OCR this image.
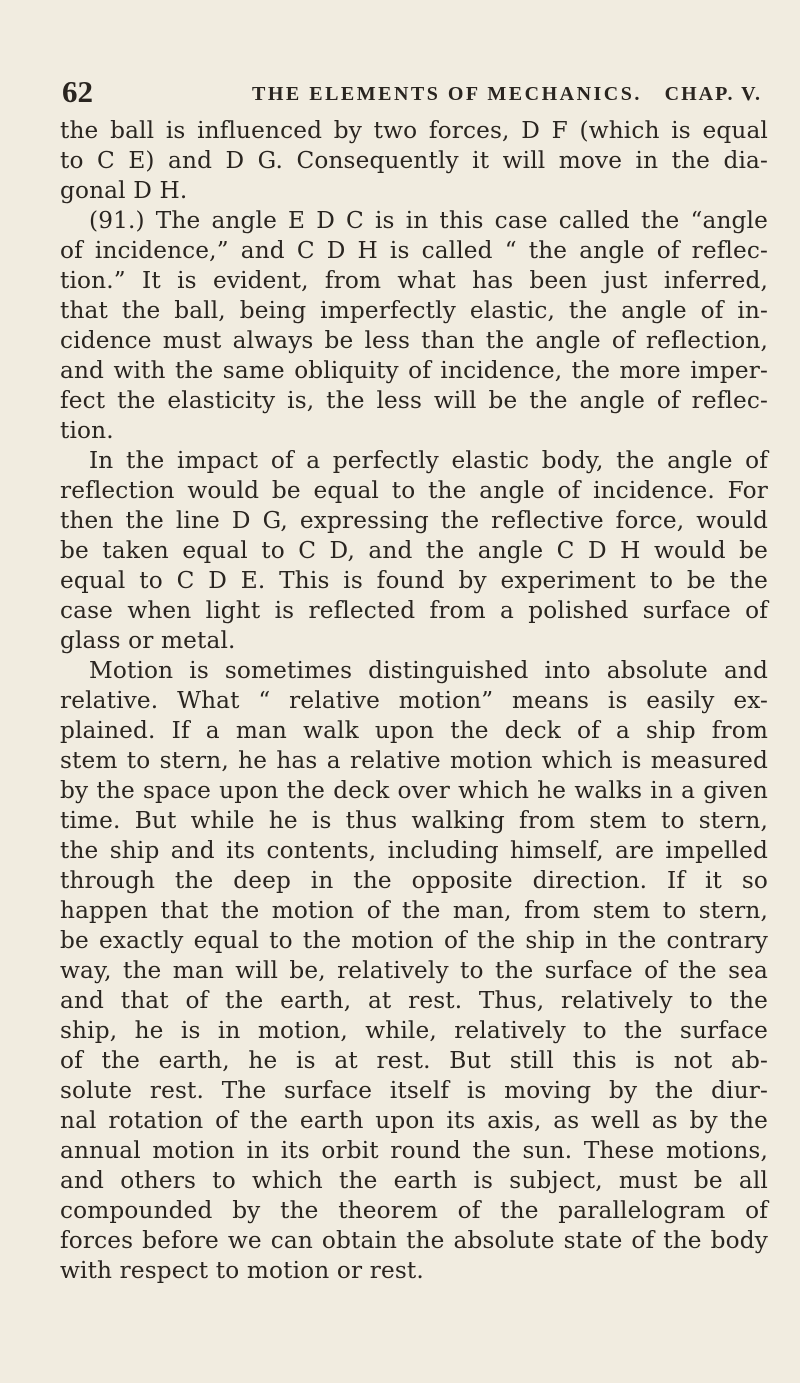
62	THE ELEMENTS OF MECHANICS. CHAP. V.
the ball is influenced by two forces, D F (which is equal
to C E) and D G. Consequently it will move in the dia-
gonal D H.
(91.) The angle E D C is in this case called the “angle
of incidence,” and C D H is called “ the angle of reflec-
tion.” It is evident, from what has been just inferred,
that the ball, being imperfectly elastic, the angle of in-
cidence must always be less than the angle of reflection,
and with the same obliquity of incidence, the more imper-
fect the elasticity is, the less will be the angle of reflec-
tion.
In the impact of a perfectly elastic body, the angle of
reflection would be equal to the angle of incidence. For
then the line D G, expressing the reflective force, would
be taken equal to C D, and the angle C D H would be
equal to C D E. This is found by experiment to be the
case when light is reflected from a polished surface of
glass or metal.
Motion is sometimes distinguished into absolute and
relative. What “ relative motion” means is easily ex-
plained. If a man walk upon the deck of a ship from
stem to stern, he has a relative motion which is measured
by the space upon the deck over which he walks in a given
time. But while he is thus walking from stem to stern,
the ship and its contents, including himself, are impelled
through the deep in the opposite direction. If it so
happen that the motion of the man, from stem to stern,
be exactly equal to the motion of the ship in the contrary
way, the man will be, relatively to the surface of the sea
and that of the earth, at rest. Thus, relatively to the
ship, he is in motion, while, relatively to the surface
of the earth, he is at rest. But still this is not ab-
solute rest. The surface itself is moving by the diur-
nal rotation of the earth upon its axis, as well as by the
annual motion in its orbit round the sun. These motions,
and others to which the earth is subject, must be all
compounded by the theorem of the parallelogram of
forces before we can obtain the absolute state of the body
with respect to motion or rest.
